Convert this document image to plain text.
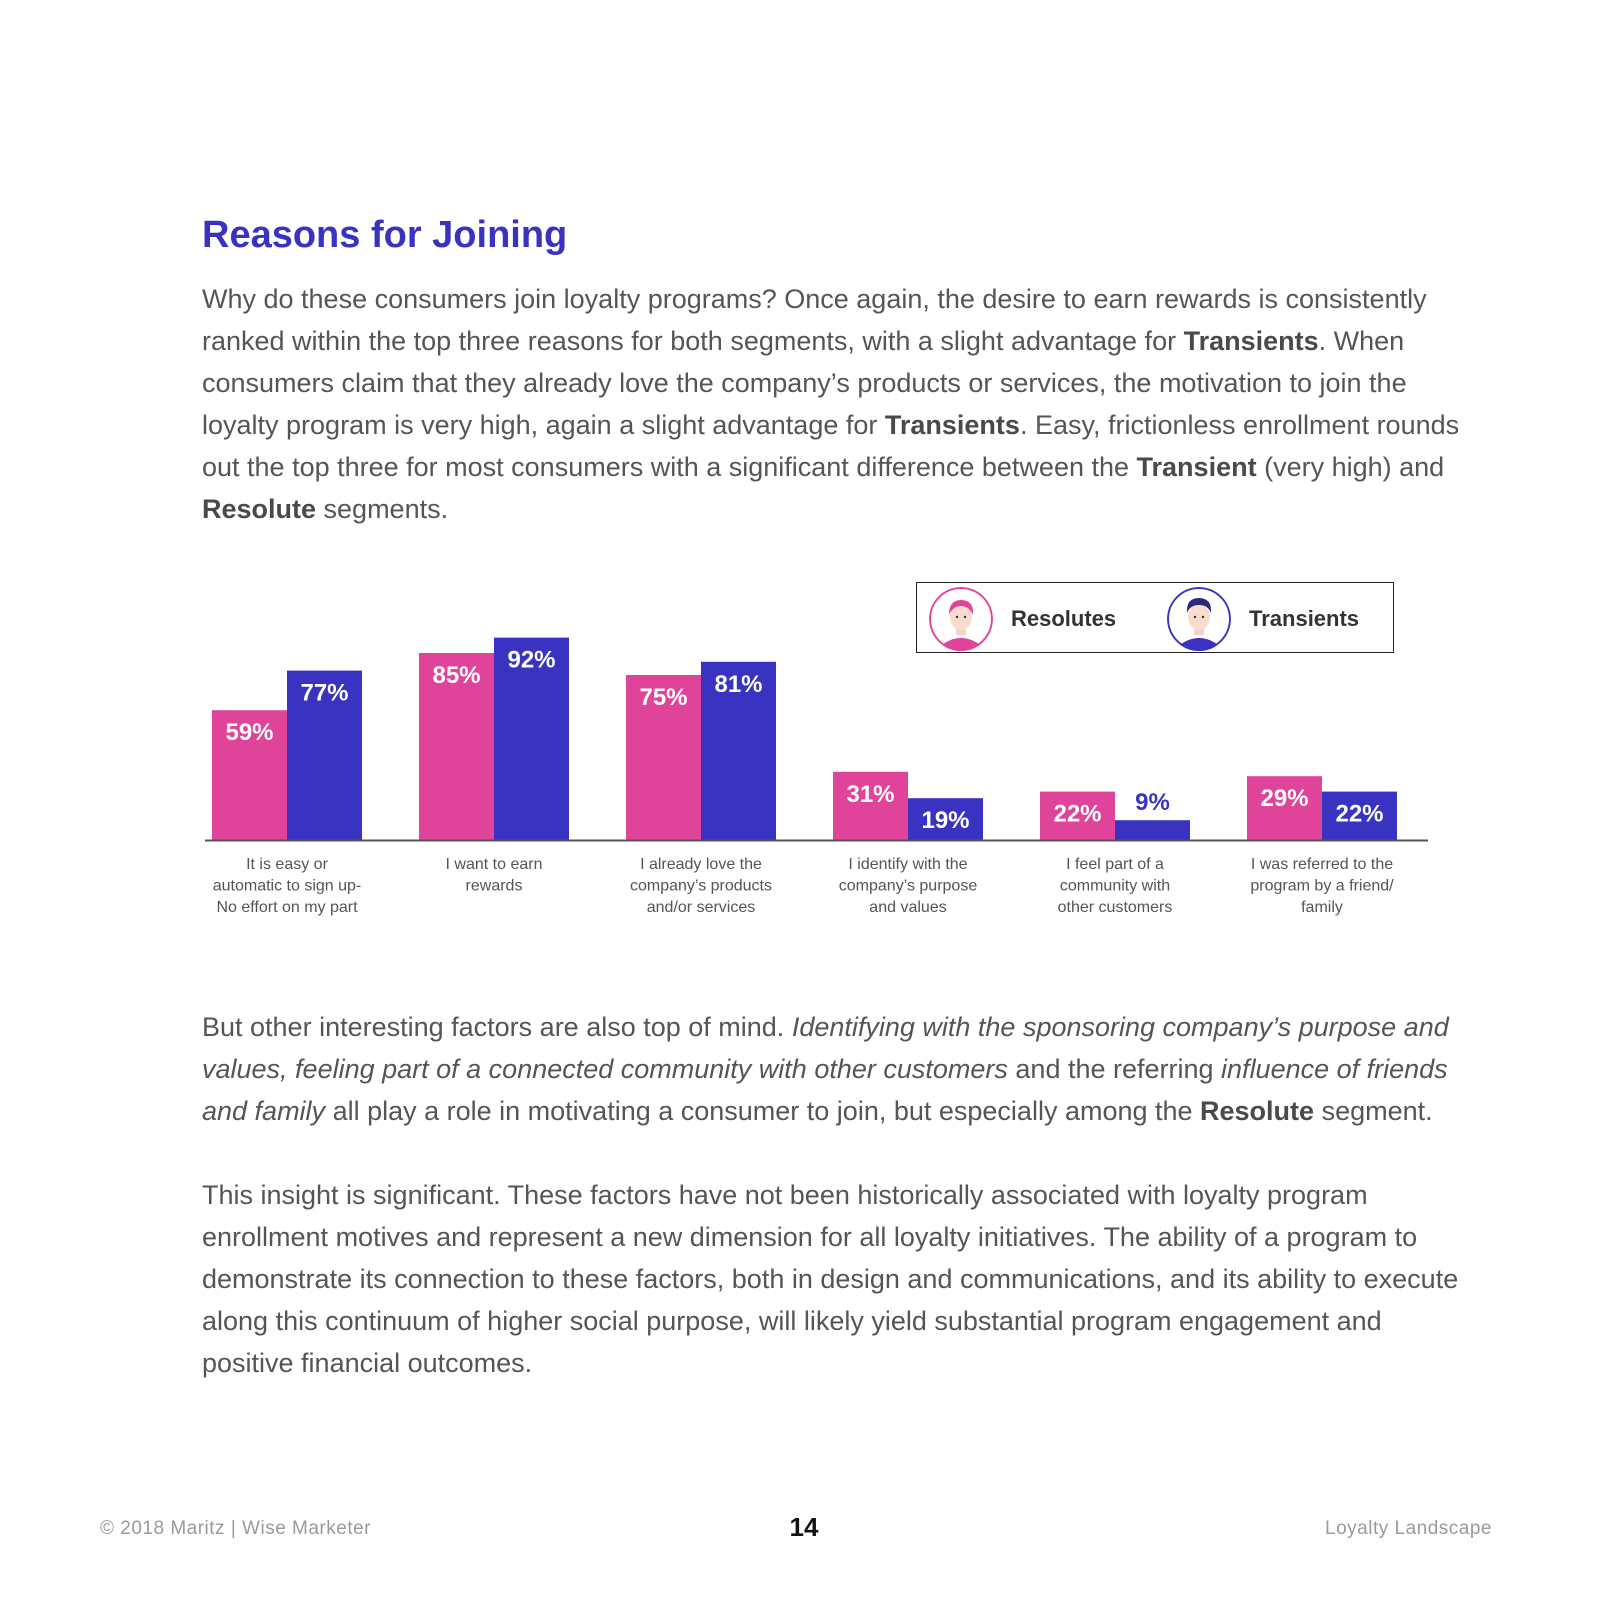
Reasons for Joining

Why do these consumers join loyalty programs? Once again, the desire to earn rewards is consistently ranked within the top three reasons for both segments, with a slight advantage for Transients. When consumers claim that they already love the company’s products or services, the motivation to join the loyalty program is very high, again a slight advantage for Transients. Easy, frictionless enrollment rounds out the top three for most consumers with a significant difference between the Transient (very high) and Resolute segments.

59%
77%
It is easy or automatic to sign up-No effort on my part
85%
92%
I want to earn rewards
75% 81%
I already love the company’s products and/or services
31%
19%
I identify with the company’s purpose and values
22% 9%
I feel part of a community with other customers
29%
22%
I was referred to the program by a friend/ family
Resolutes	Transients

But other interesting factors are also top of mind. Identifying with the sponsoring company’s purpose and values, feeling part of a connected community with other customers and the referring influence of friends and family all play a role in motivating a consumer to join, but especially among the Resolute segment.

This insight is significant. These factors have not been historically associated with loyalty program enrollment motives and represent a new dimension for all loyalty initiatives. The ability of a program to demonstrate its connection to these factors, both in design and communications, and its ability to execute along this continuum of higher social purpose, will likely yield substantial program engagement and positive financial outcomes.

© 2018 Maritz | Wise Marketer	14	Loyalty Landscape
